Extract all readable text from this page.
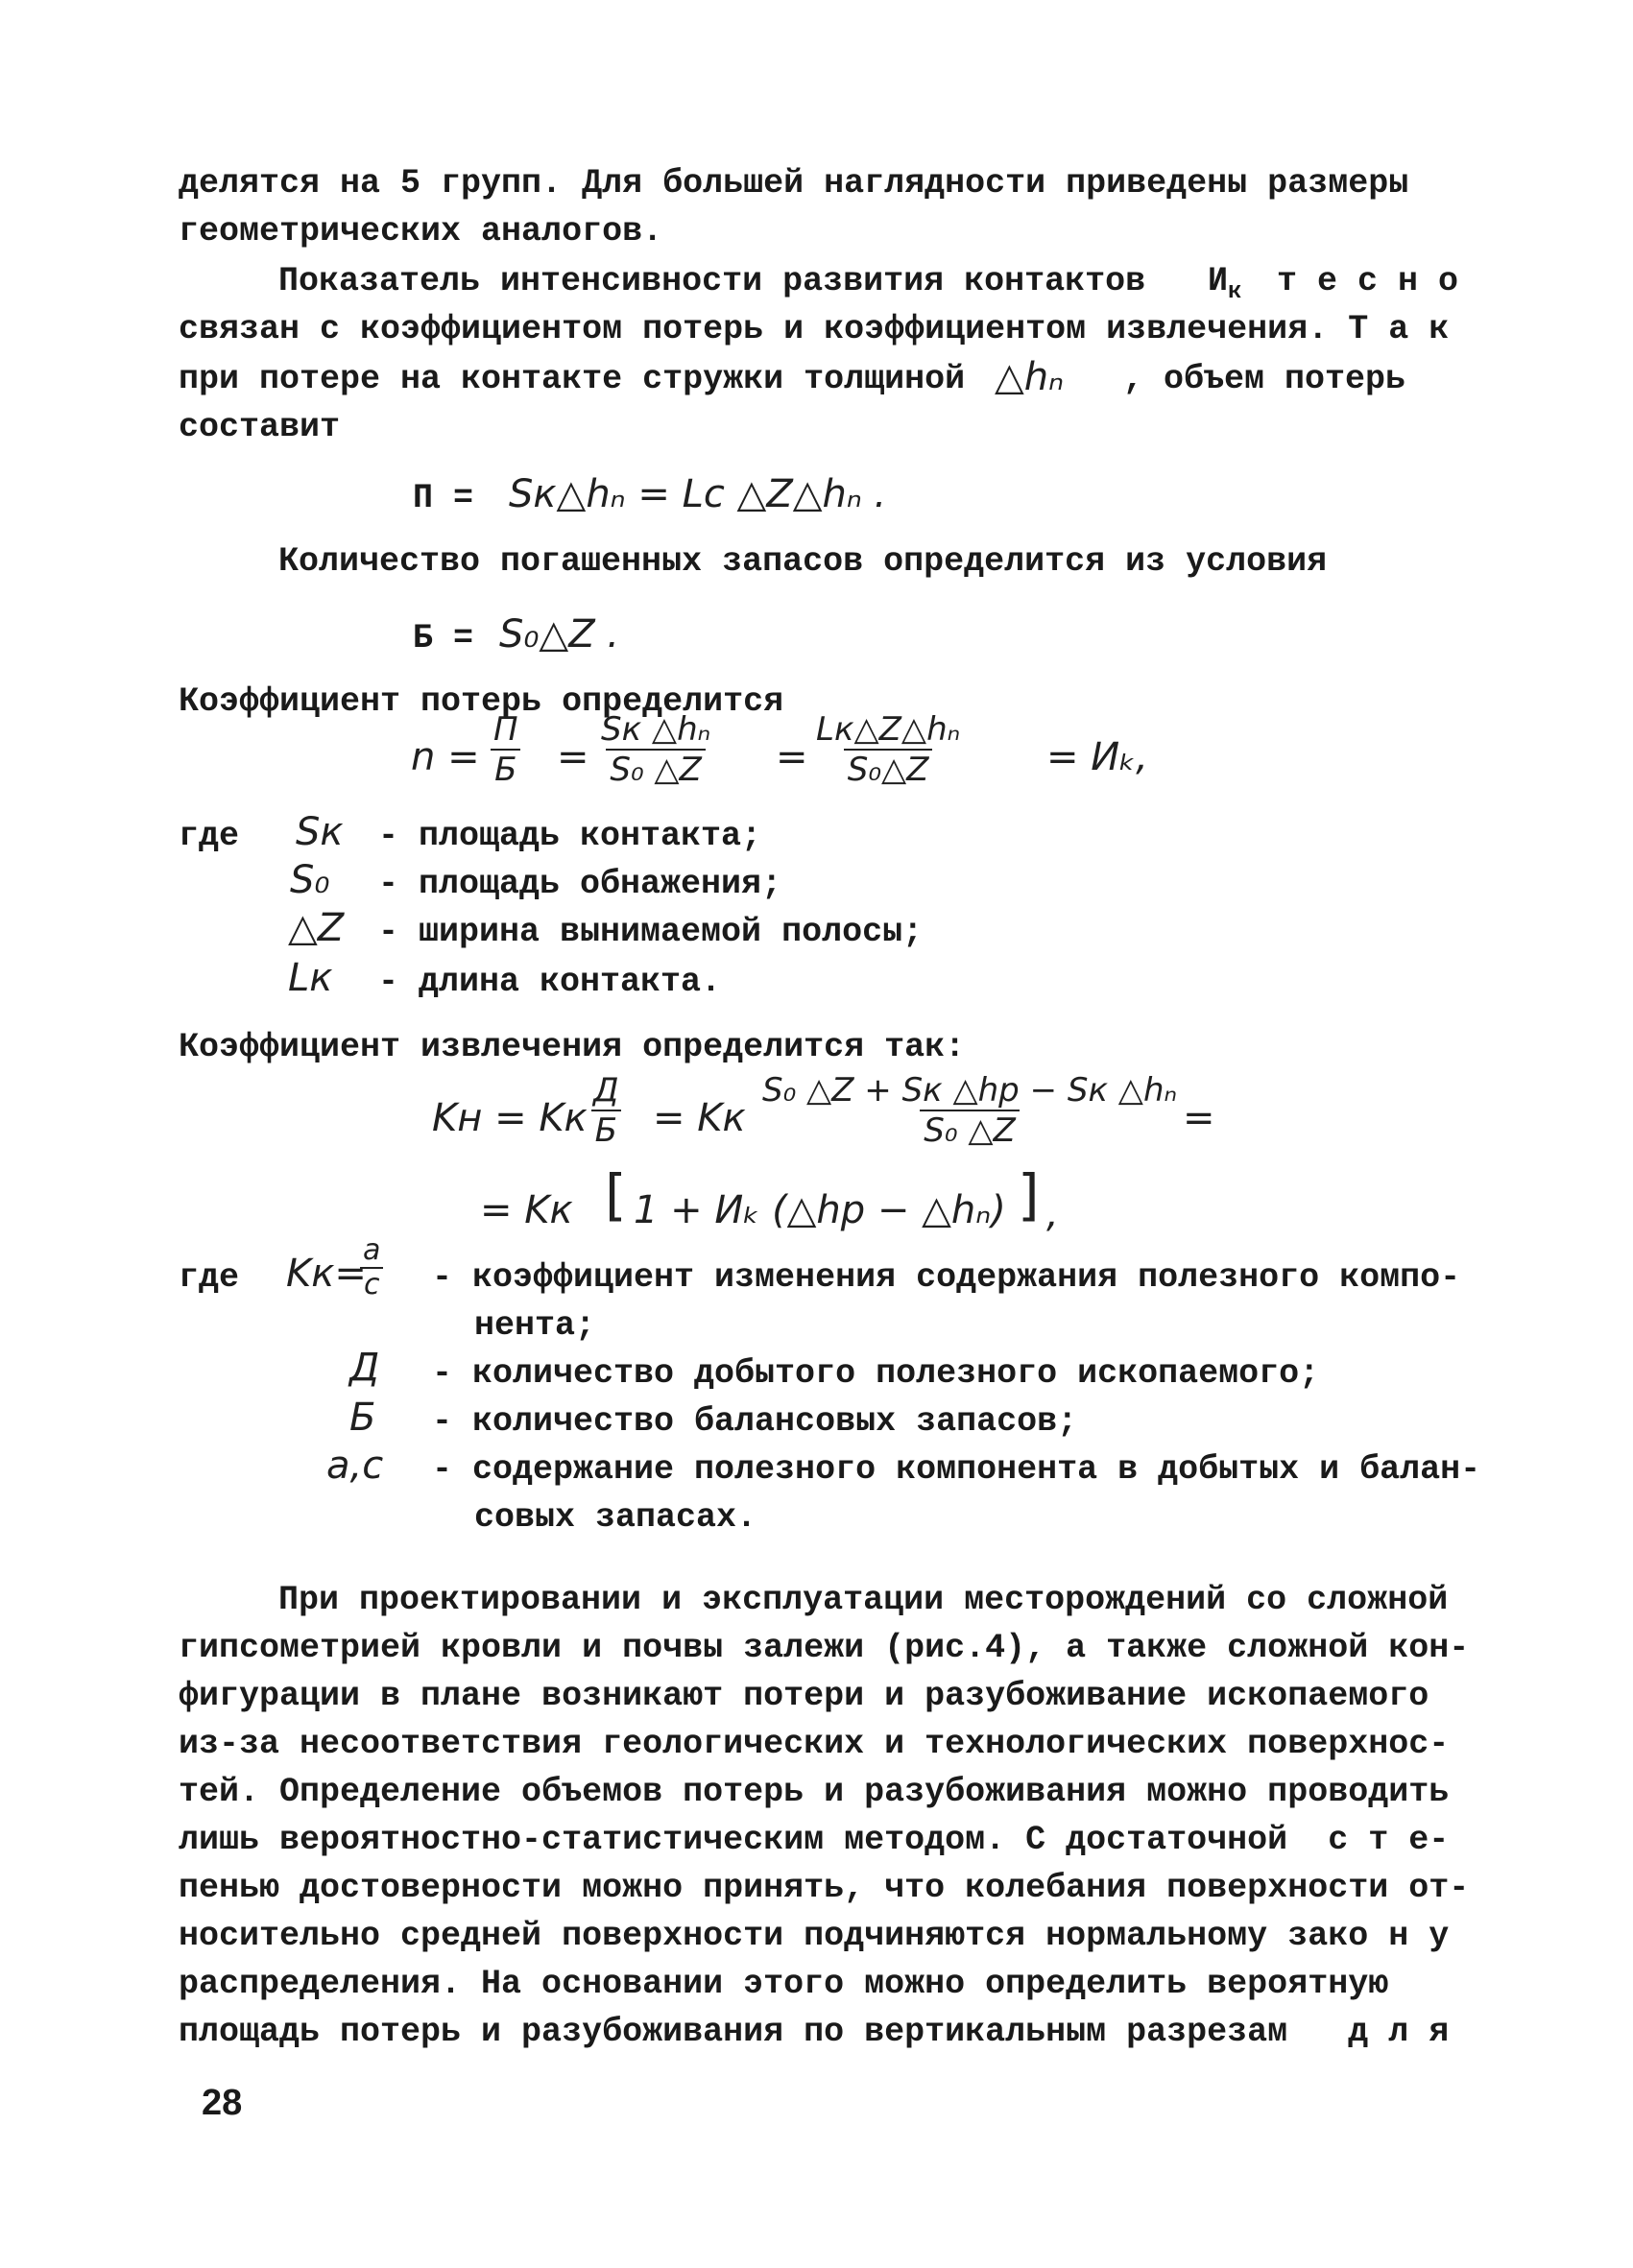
делятся на 5 групп. Для большей наглядности приведены размеры
геометрических аналогов.
Показатель интенсивности развития контактов $И_к$ т е с н о
связан с коэффициентом потерь и коэффициентом извлечения. Т а к
при потере на контакте стружки толщиной △hₙ , объем потерь
составит
П = Sк△hₙ = Lc △Z△hₙ .
Количество погашенных запасов определится из условия
Б = S₀△Z .
Коэффициент потерь определится
n =
П
Б =
Sк △hₙ
S₀ △Z =
Lк△Z△hₙ
S₀△Z	= Иₖ,
где Sк - площадь контакта;
S₀ - площадь обнажения;
△Z - ширина вынимаемой полосы;
Lк - длина контакта.
Коэффициент извлечения определится так:
Kн = Kк
Д
Б = Kк
S₀ △Z + Sк △hр − Sк △hₙ
S₀ △Z	=
= Kк [ 1 + Иₖ (△hр − △hₙ) ] ,
где Kк=
$\frac{a}{c}$ - коэффициент изменения содержания полезного компо-
нента;
Д - количество добытого полезного ископаемого;
Б - количество балансовых запасов;
a,c - содержание полезного компонента в добытых и балан-
совых запасах.
При проектировании и эксплуатации месторождений со сложной
гипсометрией кровли и почвы залежи (рис.4), а также сложной кон-
фигурации в плане возникают потери и разубоживание ископаемого
из-за несоответствия геологических и технологических поверхнос-
тей. Определение объемов потерь и разубоживания можно проводить
лишь вероятностно-статистическим методом. С достаточной  с т е-
пенью достоверности можно принять, что колебания поверхности от-
носительно средней поверхности подчиняются нормальному зако н у
распределения. На основании этого можно определить вероятную
площадь потерь и разубоживания по вертикальным разрезам   д л я
28
